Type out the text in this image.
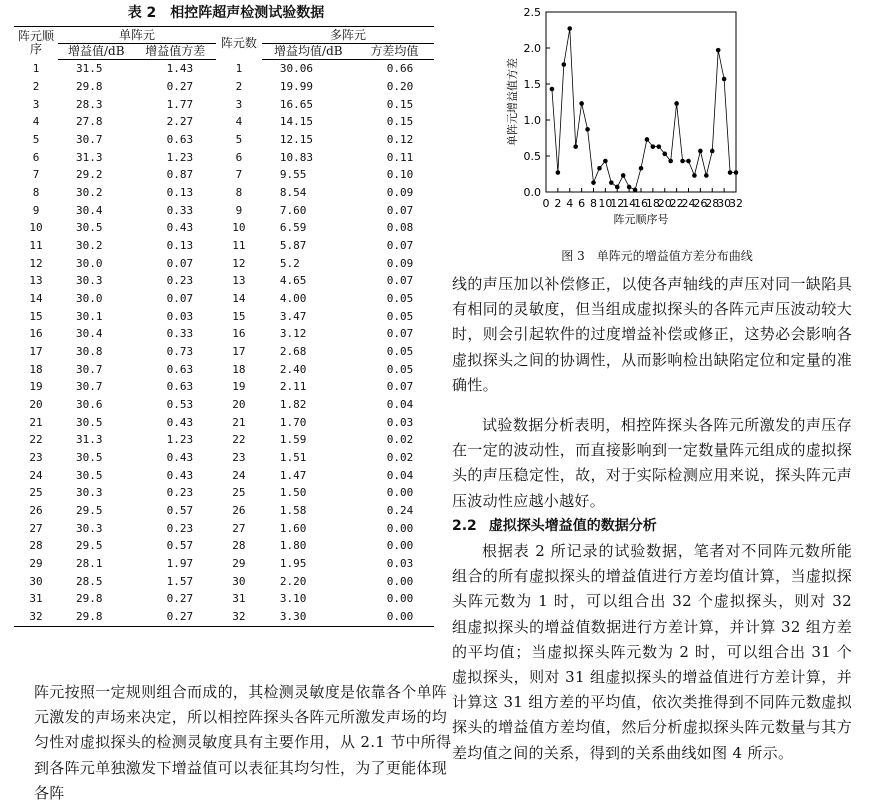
表 2　相控阵超声检测试验数据
阵元顺序	单阵元		阵元数	多阵元	
	增益值/dB	增益值方差		增益均值/dB	方差均值
1	31.5	1.43	1	30.06	0.66
2	29.8	0.27	2	19.99	0.20
3	28.3	1.77	3	16.65	0.15
4	27.8	2.27	4	14.15	0.15
5	30.7	0.63	5	12.15	0.12
6	31.3	1.23	6	10.83	0.11
7	29.2	0.87	7	9.55	0.10
8	30.2	0.13	8	8.54	0.09
9	30.4	0.33	9	7.60	0.07
10	30.5	0.43	10	6.59	0.08
11	30.2	0.13	11	5.87	0.07
12	30.0	0.07	12	5.2	0.09
13	30.3	0.23	13	4.65	0.07
14	30.0	0.07	14	4.00	0.05
15	30.1	0.03	15	3.47	0.05
16	30.4	0.33	16	3.12	0.07
17	30.8	0.73	17	2.68	0.05
18	30.7	0.63	18	2.40	0.05
19	30.7	0.63	19	2.11	0.07
20	30.6	0.53	20	1.82	0.04
21	30.5	0.43	21	1.70	0.03
22	31.3	1.23	22	1.59	0.02
23	30.5	0.43	23	1.51	0.02
24	30.5	0.43	24	1.47	0.04
25	30.3	0.23	25	1.50	0.00
26	29.5	0.57	26	1.58	0.24
27	30.3	0.23	27	1.60	0.00
28	29.5	0.57	28	1.80	0.00
29	28.1	1.97	29	1.95	0.03
30	28.5	1.57	30	2.20	0.00
31	29.8	0.27	31	3.10	0.00
32	29.8	0.27	32	3.30	0.00

阵元按照一定规则组合而成的，其检测灵敏度是依靠各个单阵元激发的声场来决定，所以相控阵探头各阵元所激发声场的均匀性对虚拟探头的检测灵敏度具有主要作用，从 2.1 节中所得到各阵元单独激发下增益值可以表征其均匀性，为了更能体现各阵

0.0
0.5
1.0
1.5
2.0
2.5
0 2 4 6 8 10
12
14
16
18
20
22
24
26
28
30
32
阵元顺序号
单阵元增益值方差
图 3　单阵元的增益值方差分布曲线

线的声压加以补偿修正，以使各声轴线的声压对同一缺陷具有相同的灵敏度，但当组成虚拟探头的各阵元声压波动较大时，则会引起软件的过度增益补偿或修正，这势必会影响各虚拟探头之间的协调性，从而影响检出缺陷定位和定量的准确性。

试验数据分析表明，相控阵探头各阵元所激发的声压存在一定的波动性，而直接影响到一定数量阵元组成的虚拟探头的声压稳定性，故，对于实际检测应用来说，探头阵元声压波动性应越小越好。

2.2 虚拟探头增益值的数据分析

根据表 2 所记录的试验数据，笔者对不同阵元数所能组合的所有虚拟探头的增益值进行方差均值计算，当虚拟探头阵元数为 1 时，可以组合出 32 个虚拟探头，则对 32 组虚拟探头的增益值数据进行方差计算，并计算 32 组方差的平均值；当虚拟探头阵元数为 2 时，可以组合出 31 个虚拟探头，则对 31 组虚拟探头的增益值进行方差计算，并计算这 31 组方差的平均值，依次类推得到不同阵元数虚拟探头的增益值方差均值，然后分析虚拟探头阵元数量与其方差均值之间的关系，得到的关系曲线如图 4 所示。
